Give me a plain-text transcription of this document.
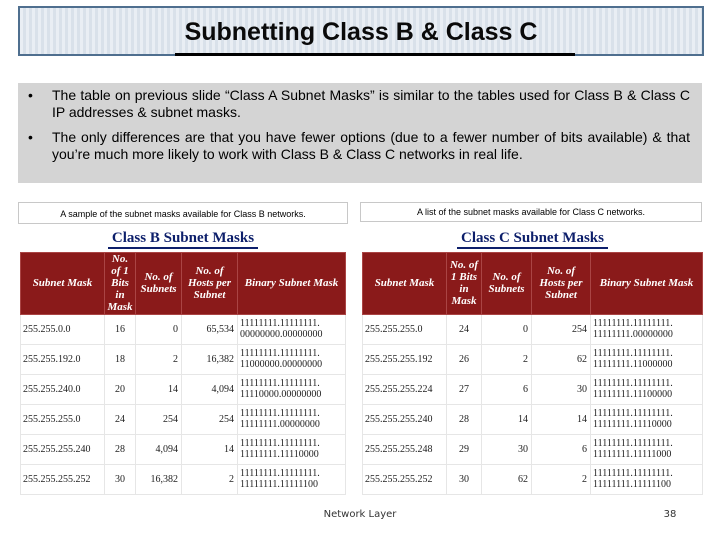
Subnetting Class B & Class C
•	The table on previous slide “Class A Subnet Masks” is similar to the tables used for Class B & Class C IP addresses & subnet masks.
•	The only differences are that you have fewer options (due to a fewer number of bits available) & that you’re much more likely to work with Class B & Class C networks in real life.
A sample of the subnet masks available for Class B networks.	A list of the subnet masks available for Class C networks.
Class B Subnet Masks				
Subnet Mask	No. of 1 Bits in Mask	No. of Subnets	No. of Hosts per Subnet	Binary Subnet Mask
255.255.0.0	16	0	65,534	11111111.11111111.
00000000.00000000

255.255.192.0	18	2	16,382	11111111.11111111.
11000000.00000000

255.255.240.0	20	14	4,094	11111111.11111111.
11110000.00000000

255.255.255.0	24	254	254	11111111.11111111.
11111111.00000000

255.255.255.240	28	4,094	14	11111111.11111111.
11111111.11110000

255.255.255.252	30	16,382	2	11111111.11111111.
11111111.11111100
Class C Subnet Masks				
Subnet Mask	No. of 1 Bits in Mask	No. of Subnets	No. of Hosts per Subnet	Binary Subnet Mask
255.255.255.0	24	0	254	11111111.11111111.
11111111.00000000

255.255.255.192	26	2	62	11111111.11111111.
11111111.11000000

255.255.255.224	27	6	30	11111111.11111111.
11111111.11100000

255.255.255.240	28	14	14	11111111.11111111.
11111111.11110000

255.255.255.248	29	30	6	11111111.11111111.
11111111.11111000

255.255.255.252	30	62	2	11111111.11111111.
11111111.11111100
Network Layer	38
